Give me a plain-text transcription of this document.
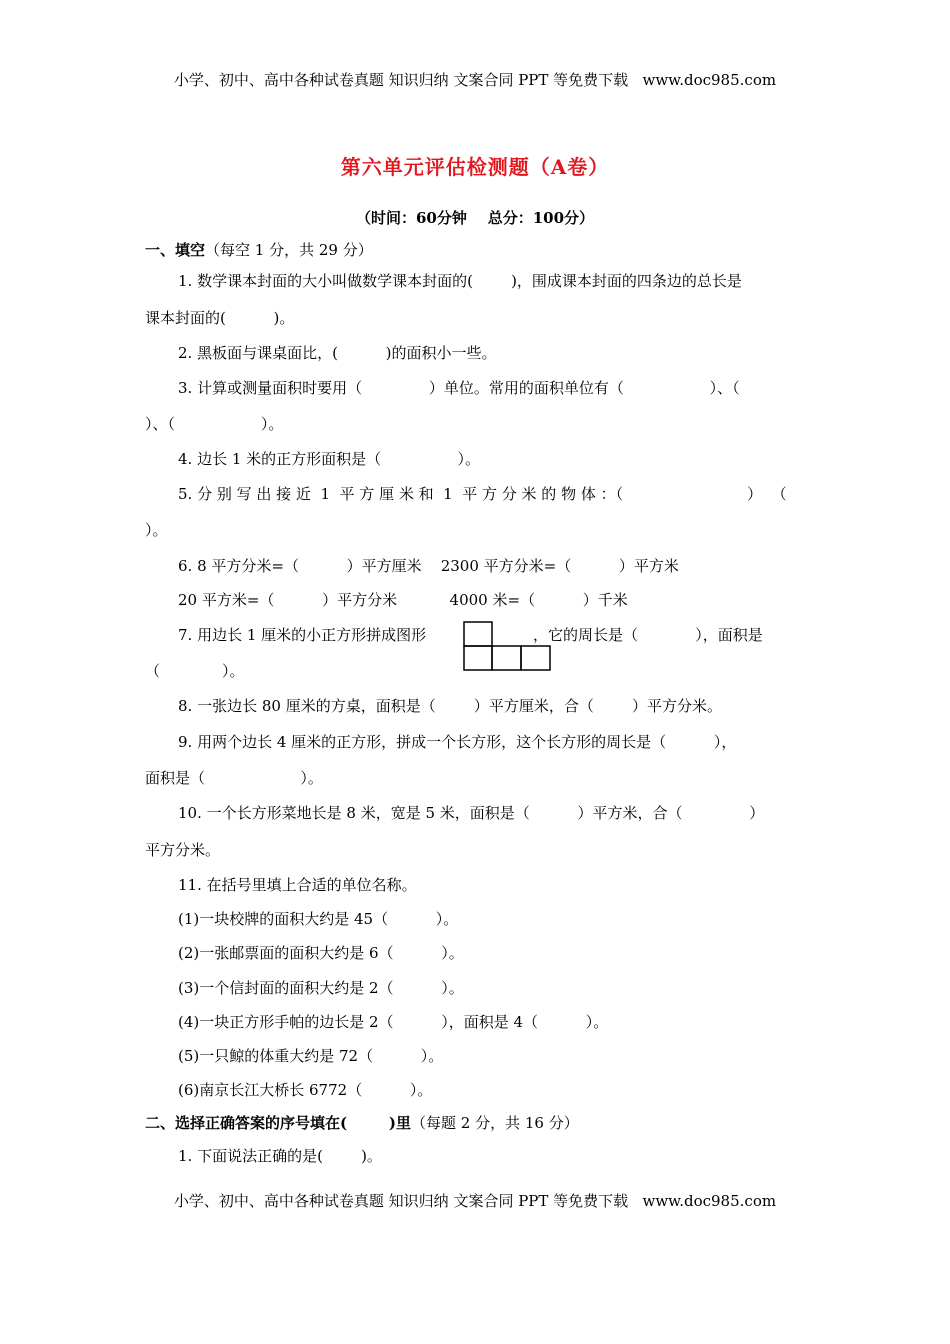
小学、初中、高中各种试卷真题 知识归纳 文案合同 PPT 等免费下载   www.doc985.com
第六单元评估检测题（A卷）
（时间：60分钟    总分：100分）
一、填空（每空 1 分，共 29 分）
1. 数学课本封面的大小叫做数学课本封面的(        )，围成课本封面的四条边的总长是
课本封面的(          )。
2. 黑板面与课桌面比，(          )的面积小一些。
3. 计算或测量面积时要用（              ）单位。常用的面积单位有（                  ）、（
）、（                  ）。
4. 边长 1 米的正方形面积是（                ）。
5. 分 别 写 出 接 近  1  平 方 厘 米 和  1  平 方 分 米 的 物 体 ：（                          ）  （
）。
6. 8 平方分米=（          ）平方厘米    2300 平方分米=（          ）平方米
20 平方米=（          ）平方分米           4000 米=（          ）千米
7. 用边长 1 厘米的小正方形拼成图形	，它的周长是（            ），面积是
（             ）。
8. 一张边长 80 厘米的方桌，面积是（        ）平方厘米，合（        ）平方分米。
9. 用两个边长 4 厘米的正方形，拼成一个长方形，这个长方形的周长是（          ），
面积是（                    ）。
10. 一个长方形菜地长是 8 米，宽是 5 米，面积是（          ）平方米，合（              ）
平方分米。
11. 在括号里填上合适的单位名称。
(1)一块校牌的面积大约是 45（          ）。
(2)一张邮票面的面积大约是 6（          ）。
(3)一个信封面的面积大约是 2（          ）。
(4)一块正方形手帕的边长是 2（          ），面积是 4（          ）。
(5)一只鲸的体重大约是 72（          ）。
(6)南京长江大桥长 6772（          ）。
二、选择正确答案的序号填在(        )里（每题 2 分，共 16 分）
1. 下面说法正确的是(        )。
小学、初中、高中各种试卷真题 知识归纳 文案合同 PPT 等免费下载   www.doc985.com
